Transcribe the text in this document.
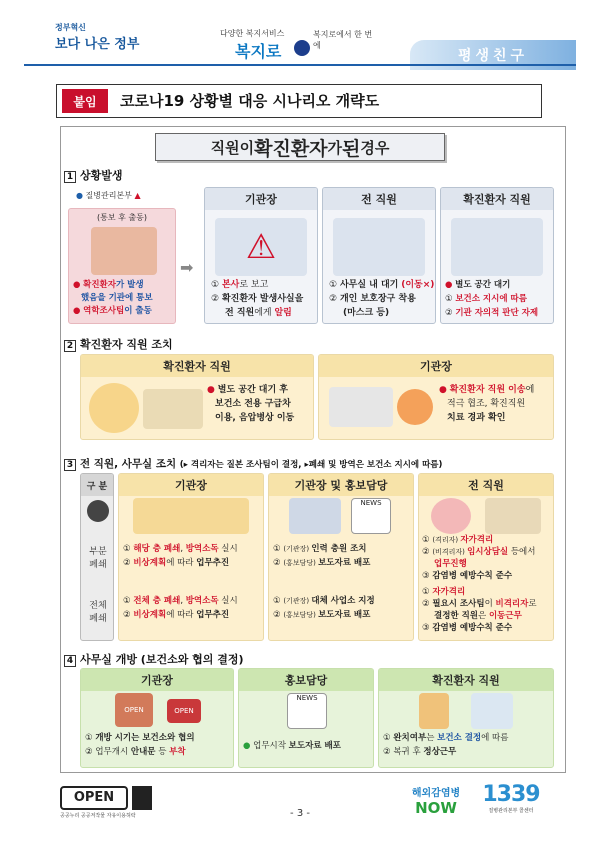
정부혁신
보다 나은 정부
다양한 복지서비스
복지로
복지로에서 한 번에
평생친구
붙임 코로나19 상황별 대응 시나리오 개략도
직원이 확진환자 가 된 경우
1 상황발생
● 질병관리본부 ▲
(통보 후 출동)
● 확진환자가 발생
했음을 기관에 통보
● 역학조사팀이 출동
➡
기관장
⚠
① 본사로 보고
② 확진환자 발생사실을
전 직원에게 알림
전 직원
① 사무실 내 대기 (이동×)
② 개인 보호장구 착용
(마스크 등)
확진환자 직원
● 별도 공간 대기
① 보건소 지시에 따름
② 기관 자의적 판단 자제
2 확진환자 직원 조치
확진환자 직원
● 별도 공간 대기 후
보건소 전용 구급차
이용, 음압병상 이동
기관장
● 확진환자 직원 이송에
적극 협조, 확진직원
치료 경과 확인
3 전 직원, 사무실 조치 (▸ 격리자는 질본 조사팀이 결정, ▸폐쇄 및 방역은 보건소 지시에 따름)
구 분
부분
폐쇄
전체
폐쇄
기관장
① 해당 층 폐쇄, 방역소독 실시
② 비상계획에 따라 업무추진
① 전체 층 폐쇄, 방역소독 실시
② 비상계획에 따라 업무추진
기관장 및 홍보담당
NEWS
① (기관장) 인력 충원 조치
② (홍보담당) 보도자료 배포
① (기관장) 대체 사업소 지정
② (홍보담당) 보도자료 배포
전 직원
① (격리자) 자가격리
② (비격리자) 임시상담실 등에서
업무진행
③ 감염병 예방수칙 준수
① 자가격리
② 필요시 조사팀이 비격리자로
결정한 직원은 이동근무
③ 감염병 예방수칙 준수
4 사무실 개방 (보건소와 협의 결정)
기관장
OPEN	OPEN
① 개방 시기는 보건소와 협의
② 업무개시 안내문 등 부착
홍보담당
NEWS
● 업무시작 보도자료 배포
확진환자 직원
① 완치여부는 보건소 결정에 따름
② 복귀 후 정상근무
OPEN
공공누리 공공저작물 자유이용허락	- 3 -
해외감염병
NOW
1339
질병관리본부 콜센터
